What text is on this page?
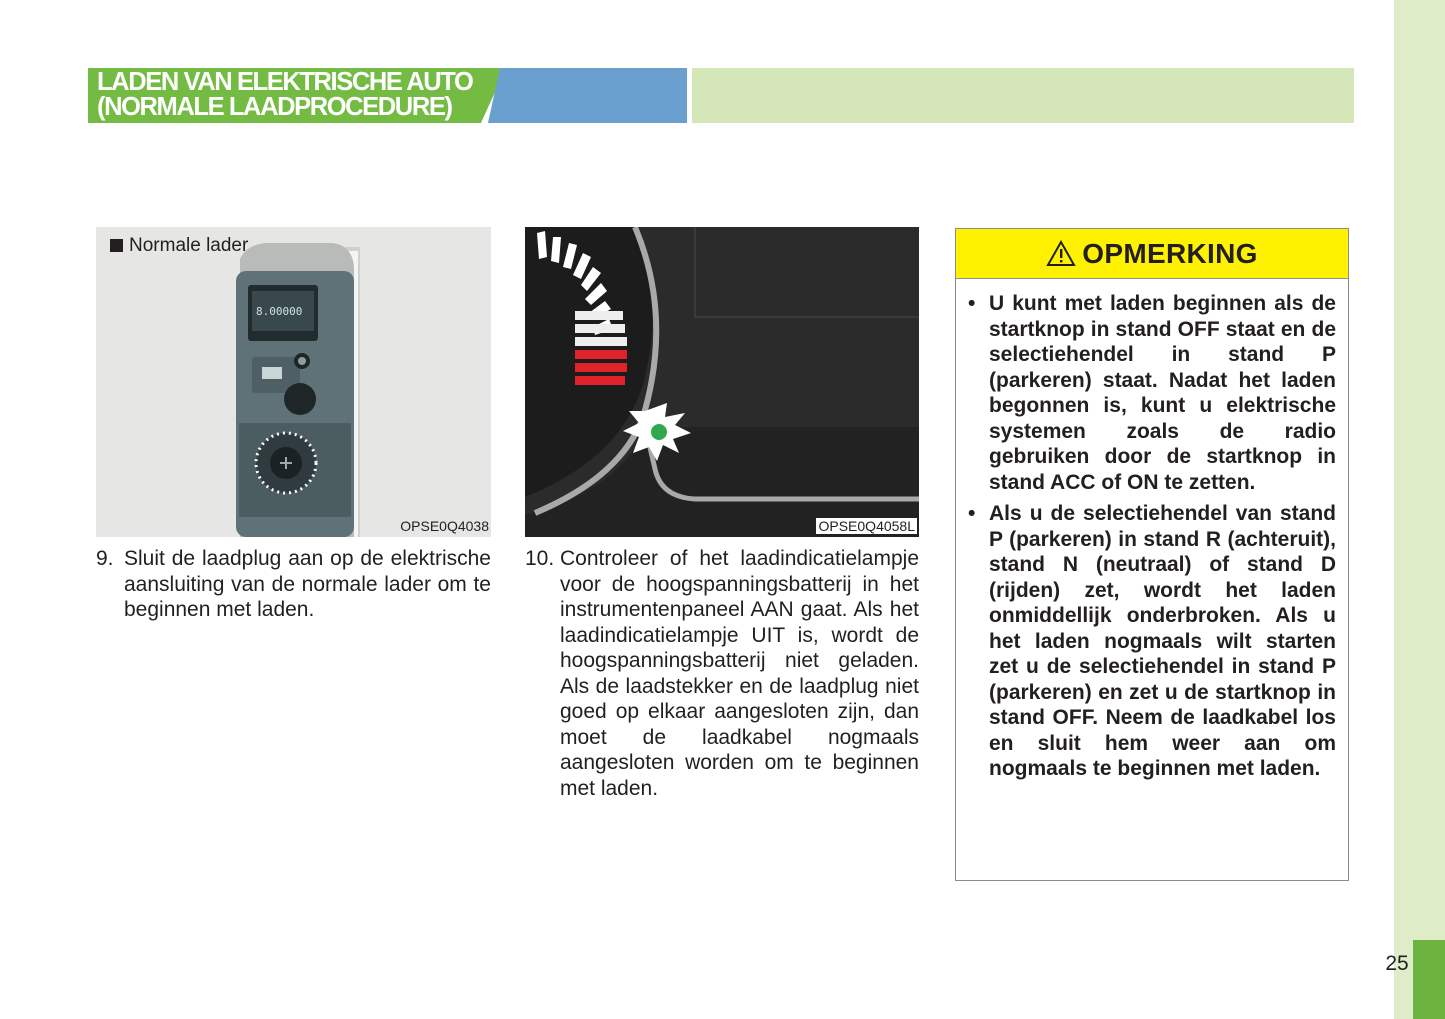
25
LADEN VAN ELEKTRISCHE AUTO
(NORMALE LAADPROCEDURE)
8.00000
Normale lader
OPSE0Q4038	OPSE0Q4058L
9. Sluit de laadplug aan op de elektrische aansluiting van de normale lader om te beginnen met laden.
10. Controleer of het laadindicatielampje voor de hoogspanningsbatterij in het instrumentenpaneel AAN gaat. Als het laadindicatielampje UIT is, wordt de hoogspanningsbatterij niet geladen. Als de laadstekker en de laadplug niet goed op elkaar aangesloten zijn, dan moet de laadkabel nogmaals aangesloten worden om te beginnen met laden.
OPMERKING
• U kunt met laden beginnen als de startknop in stand OFF staat en de selectiehendel in stand P (parkeren) staat. Nadat het laden begonnen is, kunt u elektrische systemen zoals de radio gebruiken door de startknop in stand ACC of ON te zetten.
• Als u de selectiehendel van stand P (parkeren) in stand R (achteruit), stand N (neutraal) of stand D (rijden) zet, wordt het laden onmiddellijk onderbroken. Als u het laden nogmaals wilt starten zet u de selectiehendel in stand P (parkeren) en zet u de startknop in stand OFF. Neem de laadkabel los en sluit hem weer aan om nogmaals te beginnen met laden.
